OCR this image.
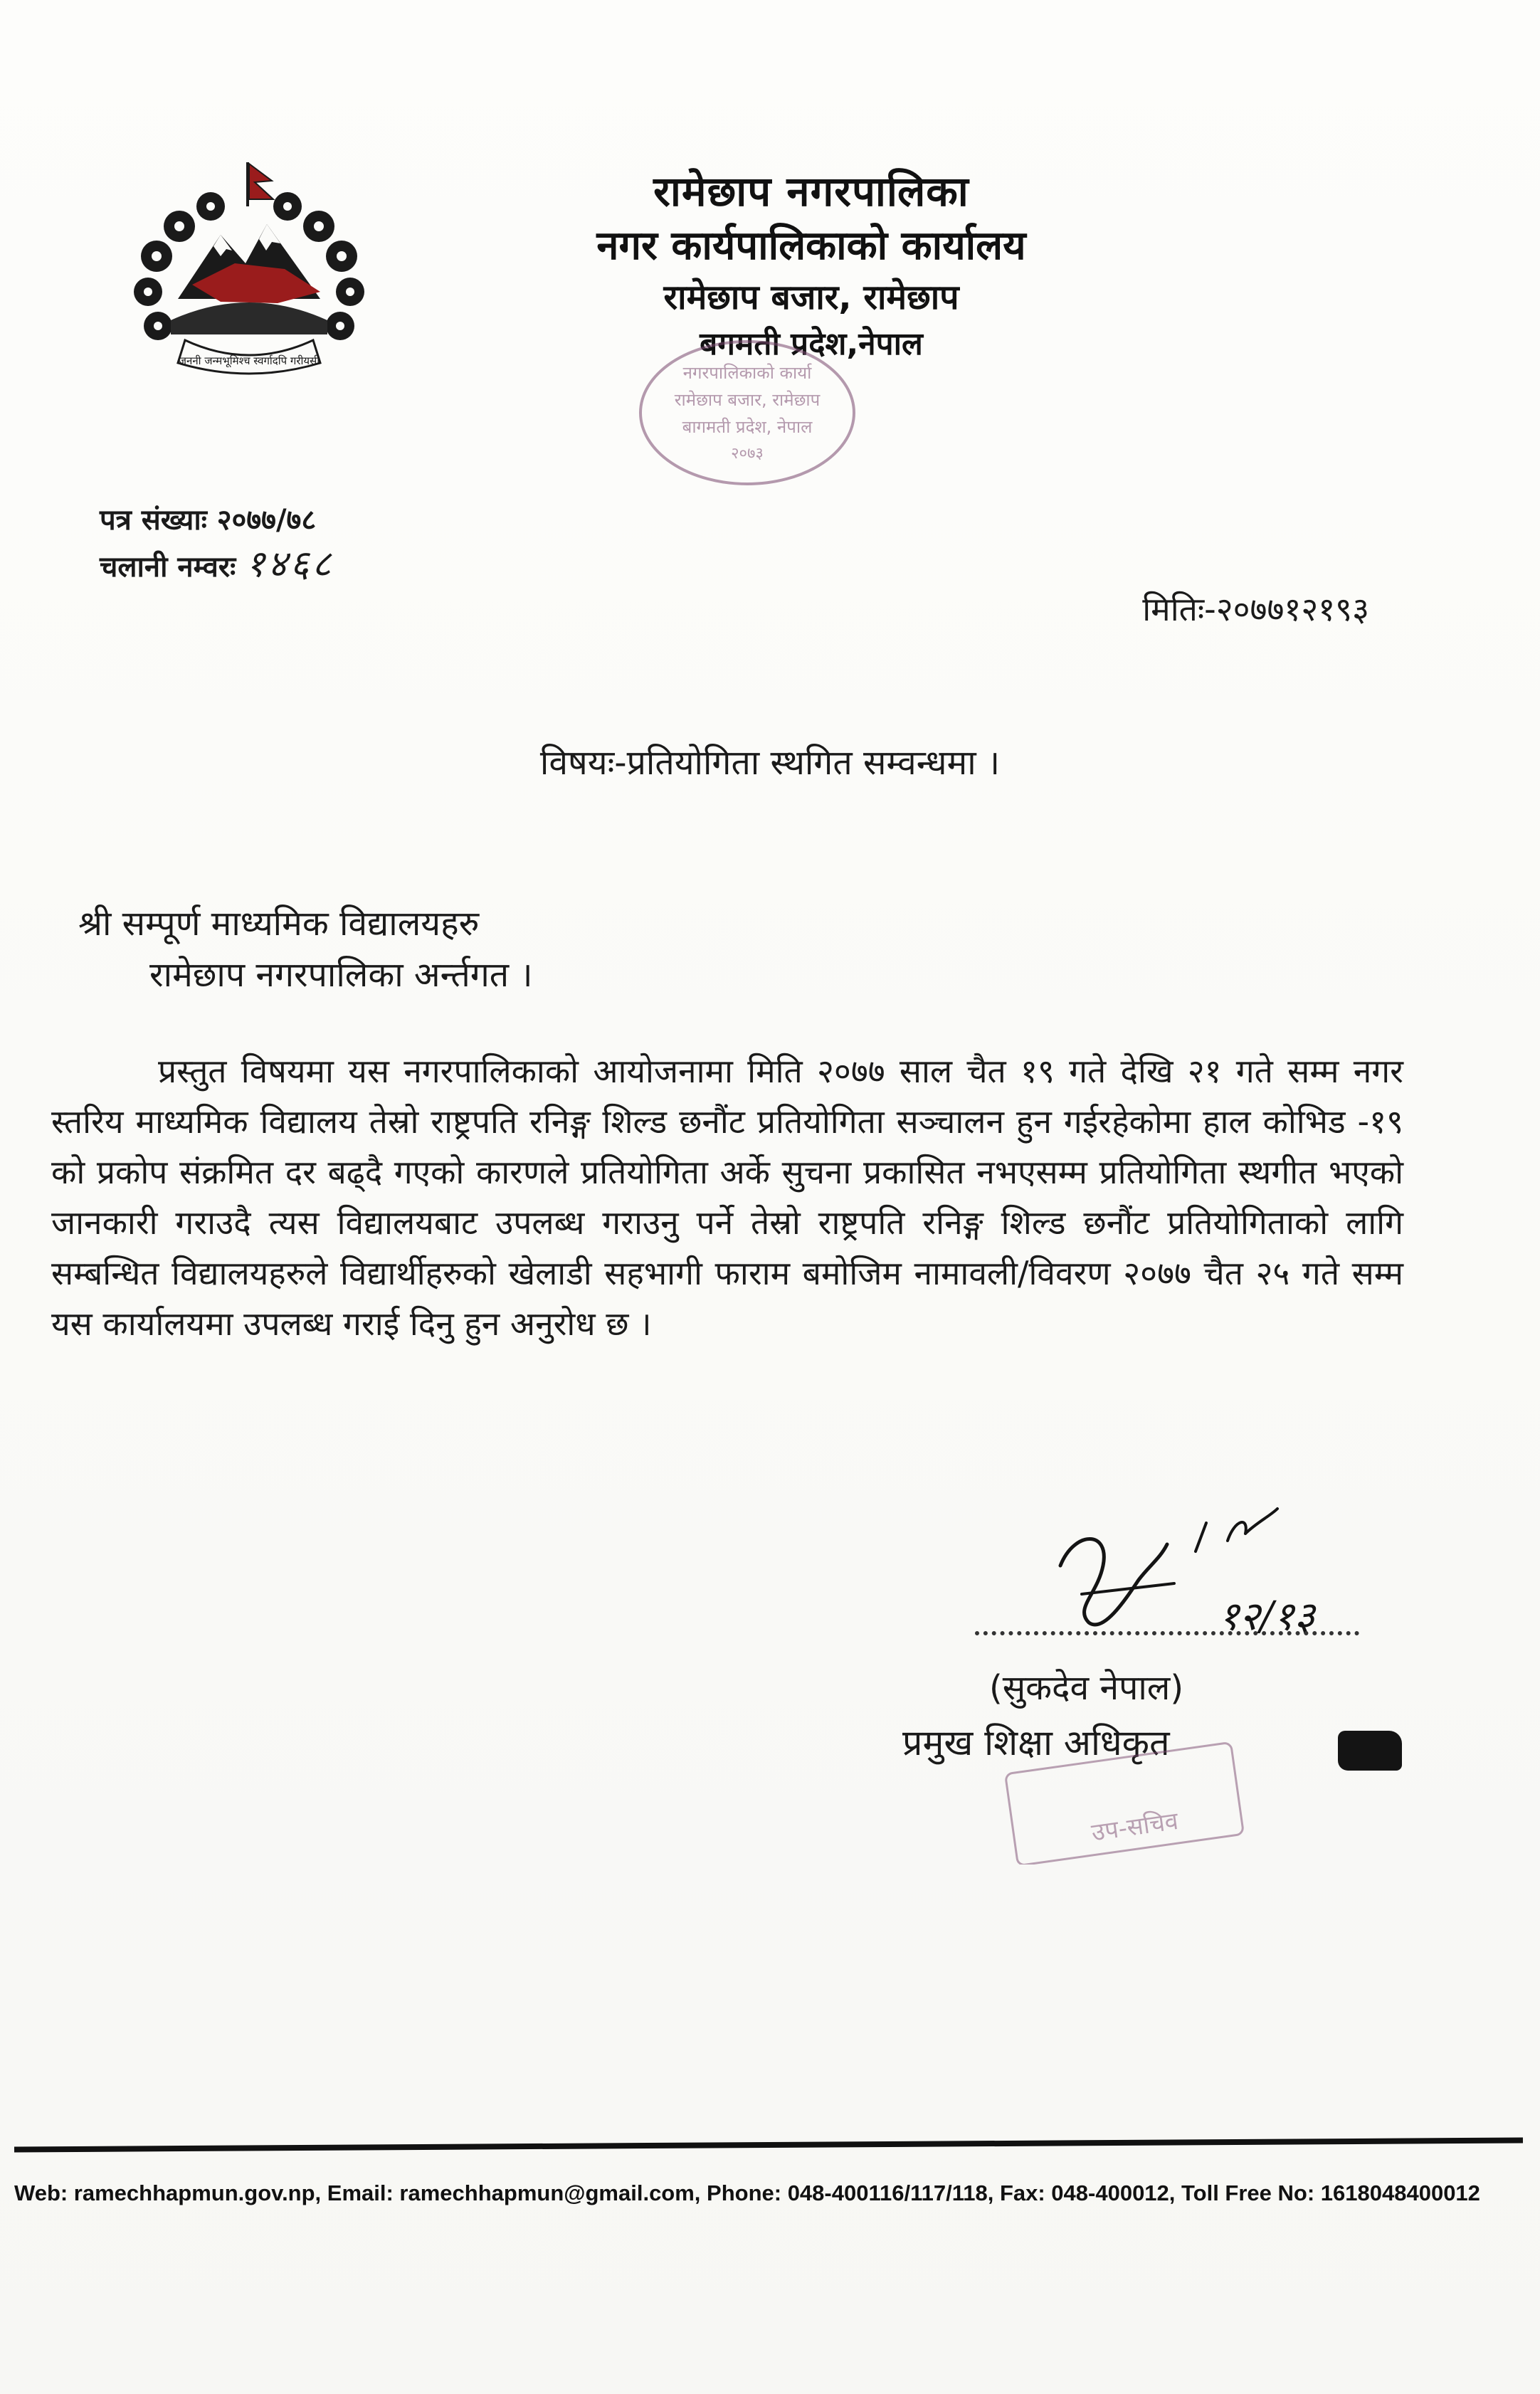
जननी जन्मभूमिश्च स्वर्गादपि गरीयसी
रामेछाप नगरपालिका
नगर कार्यपालिकाको कार्यालय
रामेछाप बजार, रामेछाप
बगमती प्रदेश,नेपाल
नगरपालिकाको कार्या
रामेछाप बजार, रामेछाप
बागमती प्रदेश, नेपाल
२०७३
पत्र संख्याः २०७७/७८
चलानी नम्वरः १४६८
मितिः-२०७७१२१९३
विषयः-प्रतियोगिता स्थगित सम्वन्धमा ।
श्री सम्पूर्ण माध्यमिक विद्यालयहरु
रामेछाप नगरपालिका अर्न्तगत ।
प्रस्तुत विषयमा यस नगरपालिकाको आयोजनामा मिति २०७७ साल चैत १९ गते देखि २१ गते सम्म नगर स्तरिय माध्यमिक विद्यालय तेस्रो राष्ट्रपति रनिङ्ग शिल्ड छनौंट प्रतियोगिता सञ्चालन हुन गईरहेकोमा हाल कोभिड -१९ को प्रकोप संक्रमित दर बढ्दै गएको कारणले प्रतियोगिता अर्के सुचना प्रकासित नभएसम्म प्रतियोगिता स्थगीत भएको जानकारी गराउदै त्यस विद्यालयबाट उपलब्ध गराउनु पर्ने तेस्रो राष्ट्रपति रनिङ्ग शिल्ड छनौंट प्रतियोगिताको लागि सम्बन्धित विद्यालयहरुले विद्यार्थीहरुको खेलाडी सहभागी फाराम बमोजिम नामावली/विवरण २०७७ चैत २५ गते सम्म यस कार्यालयमा उपलब्ध गराई दिनु हुन अनुरोध छ ।
१२/१३
(सुकदेव नेपाल)
प्रमुख शिक्षा अधिकृत
उप-सचिव
Web: ramechhapmun.gov.np, Email: ramechhapmun@gmail.com, Phone: 048-400116/117/118, Fax: 048-400012, Toll Free No: 1618048400012
